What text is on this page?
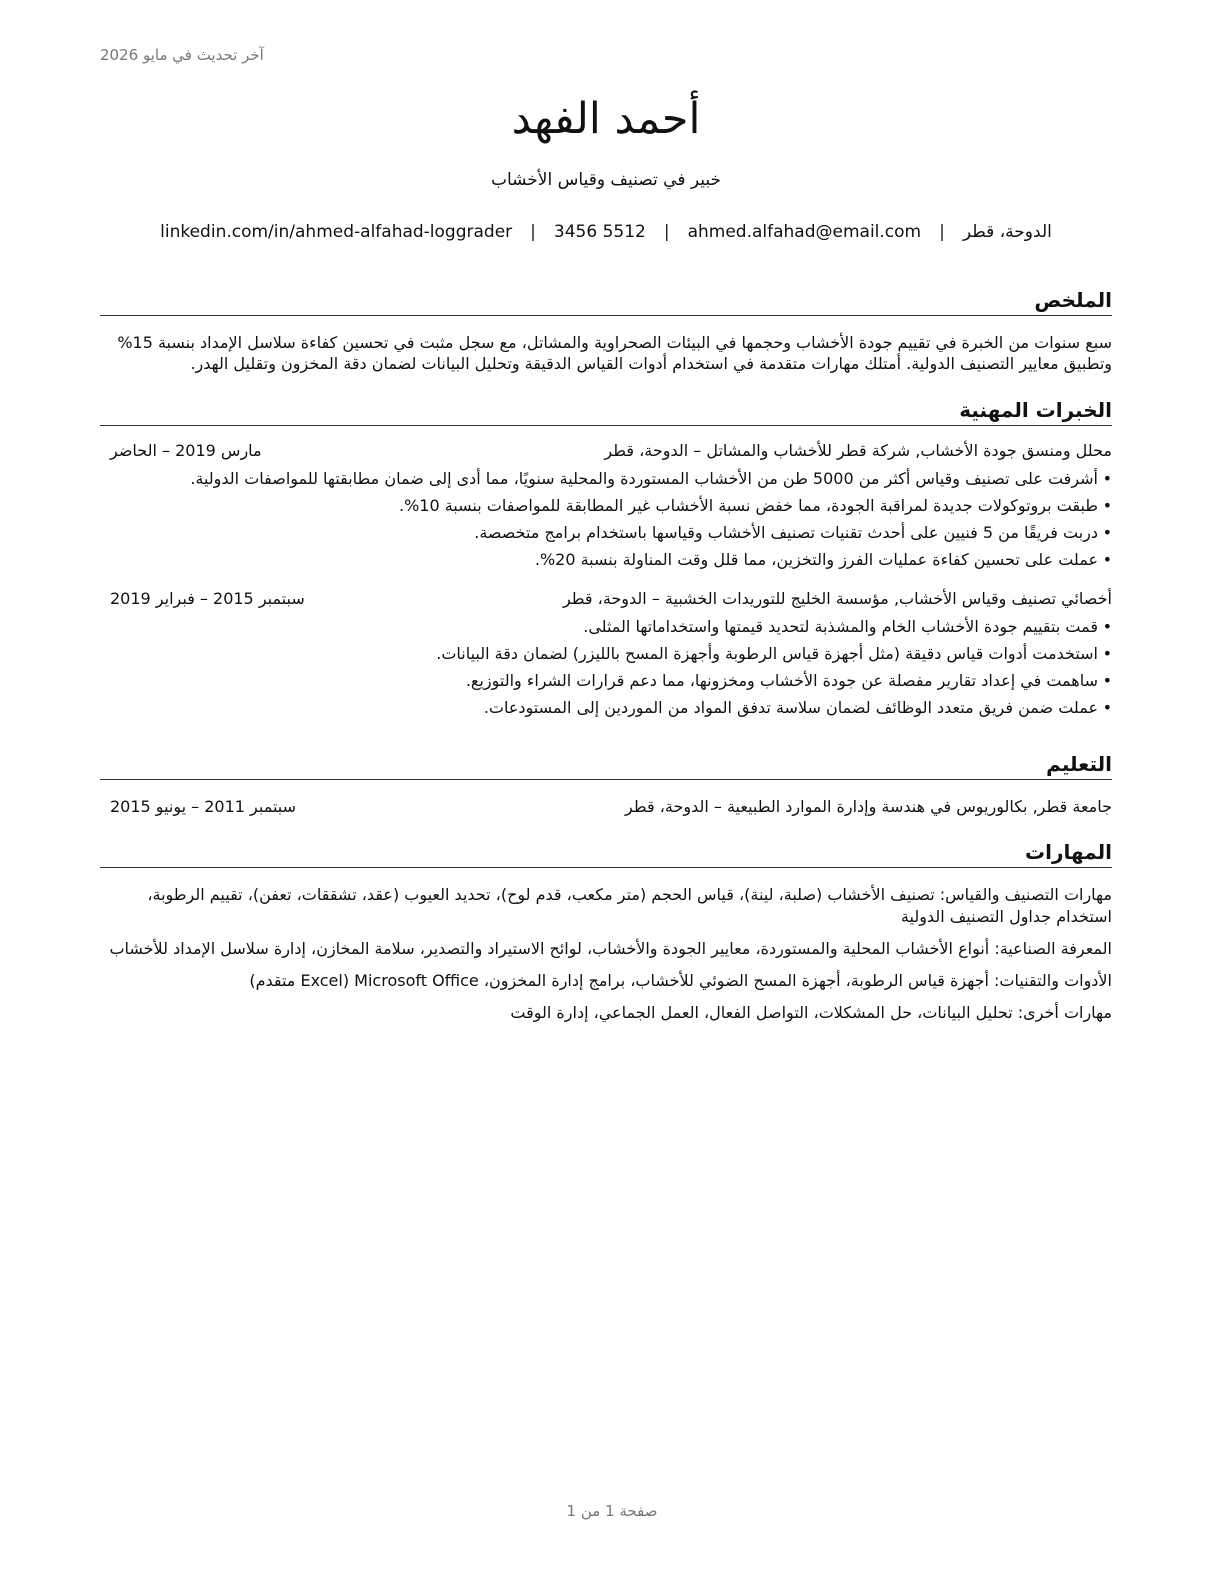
آخر تحديث في مايو 2026
أحمد الفهد
خبير في تصنيف وقياس الأخشاب
الدوحة، قطر
|
ahmed.alfahad@email.com
|
3456 5512
|
linkedin.com/in/ahmed-alfahad-loggrader
الملخص

سبع سنوات من الخبرة في تقييم جودة الأخشاب وحجمها في البيئات الصحراوية والمشاتل، مع سجل مثبت في تحسين كفاءة سلاسل الإمداد بنسبة 15% وتطبيق معايير التصنيف الدولية. أمتلك مهارات متقدمة في استخدام أدوات القياس الدقيقة وتحليل البيانات لضمان دقة المخزون وتقليل الهدر.

الخبرات المهنية
محلل ومنسق جودة الأخشاب, شركة قطر للأخشاب والمشاتل – الدوحة، قطر
مارس 2019 – الحاضر
• أشرفت على تصنيف وقياس أكثر من 5000 طن من الأخشاب المستوردة والمحلية سنويًا، مما أدى إلى ضمان مطابقتها للمواصفات الدولية.
• طبقت بروتوكولات جديدة لمراقبة الجودة، مما خفض نسبة الأخشاب غير المطابقة للمواصفات بنسبة 10%.
• دربت فريقًا من 5 فنيين على أحدث تقنيات تصنيف الأخشاب وقياسها باستخدام برامج متخصصة.
• عملت على تحسين كفاءة عمليات الفرز والتخزين، مما قلل وقت المناولة بنسبة 20%.
أخصائي تصنيف وقياس الأخشاب, مؤسسة الخليج للتوريدات الخشبية – الدوحة، قطر
سبتمبر 2015 – فبراير 2019
• قمت بتقييم جودة الأخشاب الخام والمشذبة لتحديد قيمتها واستخداماتها المثلى.
• استخدمت أدوات قياس دقيقة (مثل أجهزة قياس الرطوبة وأجهزة المسح بالليزر) لضمان دقة البيانات.
• ساهمت في إعداد تقارير مفصلة عن جودة الأخشاب ومخزونها، مما دعم قرارات الشراء والتوزيع.
• عملت ضمن فريق متعدد الوظائف لضمان سلاسة تدفق المواد من الموردين إلى المستودعات.
التعليم
جامعة قطر, بكالوريوس في هندسة وإدارة الموارد الطبيعية – الدوحة، قطر
سبتمبر 2011 – يونيو 2015
المهارات

مهارات التصنيف والقياس: تصنيف الأخشاب (صلبة، لينة)، قياس الحجم (متر مكعب، قدم لوح)، تحديد العيوب (عقد، تشققات، تعفن)، تقييم الرطوبة، استخدام جداول التصنيف الدولية

المعرفة الصناعية: أنواع الأخشاب المحلية والمستوردة، معايير الجودة والأخشاب، لوائح الاستيراد والتصدير، سلامة المخازن، إدارة سلاسل الإمداد للأخشاب

الأدوات والتقنيات: أجهزة قياس الرطوبة، أجهزة المسح الضوئي للأخشاب، برامج إدارة المخزون، Microsoft Office (Excel متقدم)

مهارات أخرى: تحليل البيانات، حل المشكلات، التواصل الفعال، العمل الجماعي، إدارة الوقت

صفحة 1 من 1
